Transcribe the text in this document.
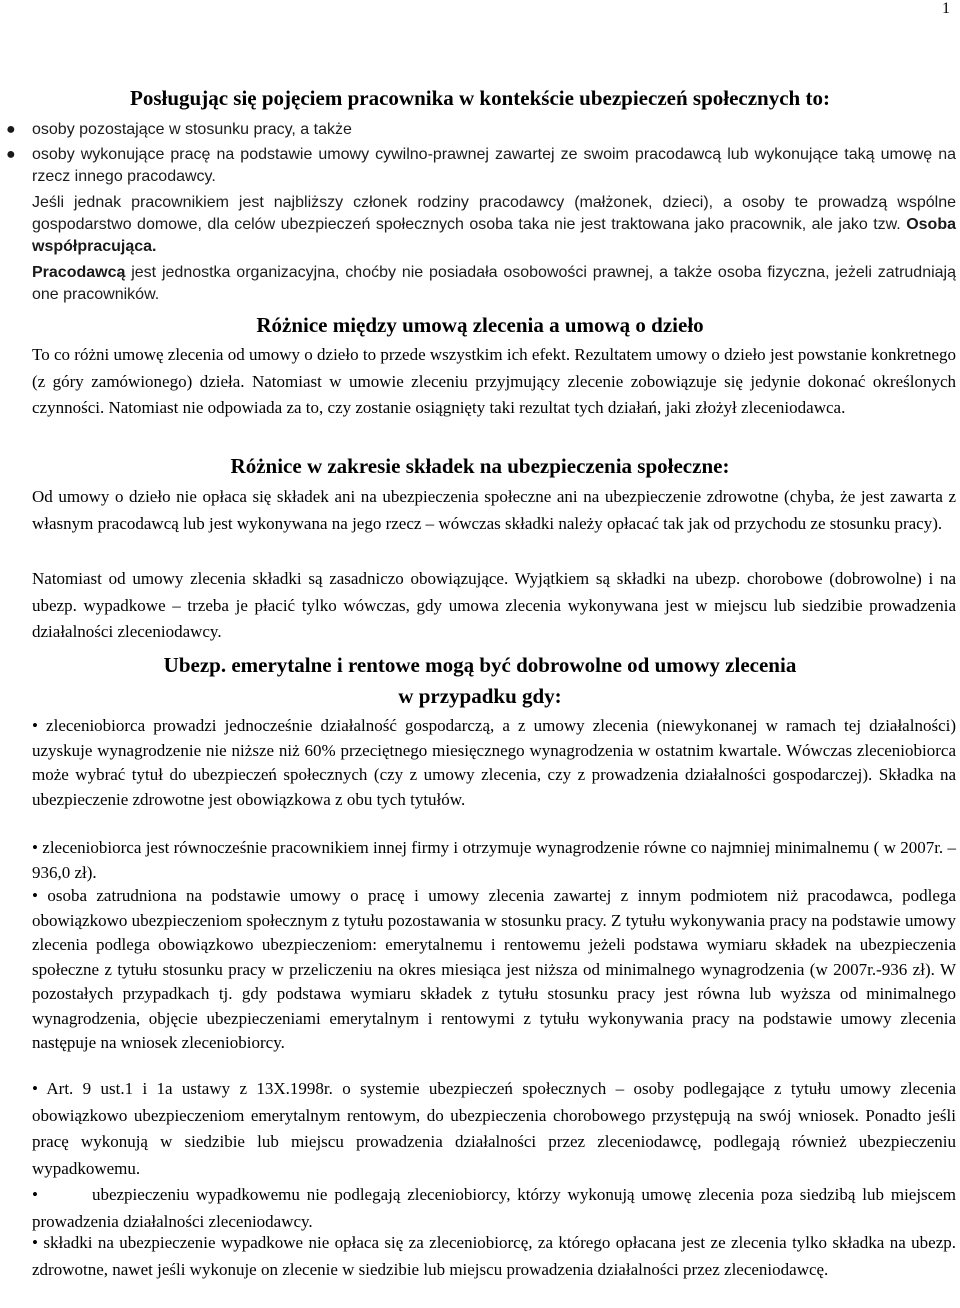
1
Posługując się pojęciem pracownika w kontekście ubezpieczeń społecznych to:
● osoby pozostające w stosunku pracy, a także

● osoby wykonujące pracę na podstawie umowy cywilno-prawnej zawartej ze swoim pracodawcą lub wykonujące taką umowę na rzecz innego pracodawcy.

Jeśli jednak pracownikiem jest najbliższy członek rodziny pracodawcy (małżonek, dzieci), a osoby te prowadzą wspólne gospodarstwo domowe, dla celów ubezpieczeń społecznych osoba taka nie jest traktowana jako pracownik, ale jako tzw. Osoba współpracująca.

Pracodawcą jest jednostka organizacyjna, choćby nie posiadała osobowości prawnej, a także osoba fizyczna, jeżeli zatrudniają one pracowników.

Różnice między umową zlecenia a umową o dzieło

To co różni umowę zlecenia od umowy o dzieło to przede wszystkim ich efekt. Rezultatem umowy o dzieło jest powstanie konkretnego (z góry zamówionego) dzieła. Natomiast w umowie zleceniu przyjmujący zlecenie zobowiązuje się jedynie dokonać określonych czynności. Natomiast nie odpowiada za to, czy zostanie osiągnięty taki rezultat tych działań, jaki złożył zleceniodawca.

Różnice w zakresie składek na ubezpieczenia społeczne:

Od umowy o dzieło nie opłaca się składek ani na ubezpieczenia społeczne ani na ubezpieczenie zdrowotne (chyba, że jest zawarta z własnym pracodawcą lub jest wykonywana na jego rzecz – wówczas składki należy opłacać tak jak od przychodu ze stosunku pracy).

Natomiast od umowy zlecenia składki są zasadniczo obowiązujące. Wyjątkiem są składki na ubezp. chorobowe (dobrowolne) i na ubezp. wypadkowe – trzeba je płacić tylko wówczas, gdy umowa zlecenia wykonywana jest w miejscu lub siedzibie prowadzenia działalności zleceniodawcy.

Ubezp. emerytalne i rentowe mogą być dobrowolne od umowy zlecenia
w przypadku gdy:

• zleceniobiorca prowadzi jednocześnie działalność gospodarczą, a z umowy zlecenia (niewykonanej w ramach tej działalności) uzyskuje wynagrodzenie nie niższe niż 60% przeciętnego miesięcznego wynagrodzenia w ostatnim kwartale. Wówczas zleceniobiorca może wybrać tytuł do ubezpieczeń społecznych (czy z umowy zlecenia, czy z prowadzenia działalności gospodarczej). Składka na ubezpieczenie zdrowotne jest obowiązkowa z obu tych tytułów.

• zleceniobiorca jest równocześnie pracownikiem innej firmy i otrzymuje wynagrodzenie równe co najmniej minimalnemu ( w 2007r. – 936,0 zł).

• osoba zatrudniona na podstawie umowy o pracę i umowy zlecenia zawartej z innym podmiotem niż pracodawca, podlega obowiązkowo ubezpieczeniom społecznym z tytułu pozostawania w stosunku pracy. Z tytułu wykonywania pracy na podstawie umowy zlecenia podlega obowiązkowo ubezpieczeniom: emerytalnemu i rentowemu jeżeli podstawa wymiaru składek na ubezpieczenia społeczne z tytułu stosunku pracy w przeliczeniu na okres miesiąca jest niższa od minimalnego wynagrodzenia (w 2007r.-936 zł). W pozostałych przypadkach tj. gdy podstawa wymiaru składek z tytułu stosunku pracy jest równa lub wyższa od minimalnego wynagrodzenia, objęcie ubezpieczeniami emerytalnym i rentowymi z tytułu wykonywania pracy na podstawie umowy zlecenia następuje na wniosek zleceniobiorcy.

• Art. 9 ust.1 i 1a ustawy z 13X.1998r. o systemie ubezpieczeń społecznych – osoby podlegające z tytułu umowy zlecenia obowiązkowo ubezpieczeniom emerytalnym rentowym, do ubezpieczenia chorobowego przystępują na swój wniosek. Ponadto jeśli pracę wykonują w siedzibie lub miejscu prowadzenia działalności przez zleceniodawcę, podlegają również ubezpieczeniu wypadkowemu.

•	ubezpieczeniu wypadkowemu nie podlegają zleceniobiorcy, którzy wykonują umowę zlecenia poza siedzibą lub miejscem prowadzenia działalności zleceniodawcy.

• składki na ubezpieczenie wypadkowe nie opłaca się za zleceniobiorcę, za którego opłacana jest ze zlecenia tylko składka na ubezp. zdrowotne, nawet jeśli wykonuje on zlecenie w siedzibie lub miejscu prowadzenia działalności przez zleceniodawcę.
